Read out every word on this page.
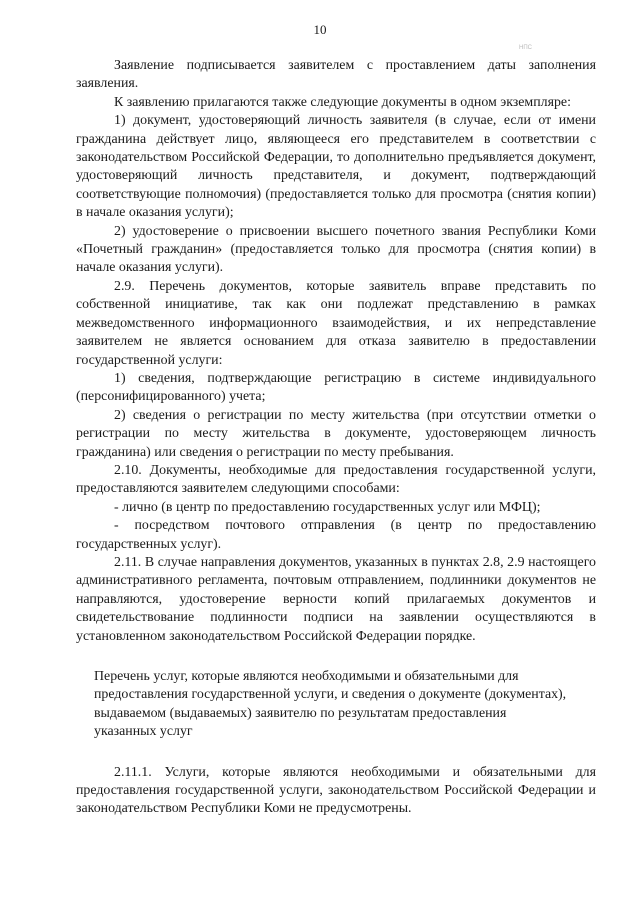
10
НПС

Заявление подписывается заявителем с проставлением даты заполнения заявления.

К заявлению прилагаются также следующие документы в одном экземпляре:

1) документ, удостоверяющий личность заявителя (в случае, если от имени гражданина действует лицо, являющееся его представителем в соответствии с законодательством Российской Федерации, то дополнительно предъявляется документ, удостоверяющий личность представителя, и документ, подтверждающий соответствующие полномочия) (предоставляется только для просмотра (снятия копии) в начале оказания услуги);

2) удостоверение о присвоении высшего почетного звания Республики Коми «Почетный гражданин» (предоставляется только для просмотра (снятия копии) в начале оказания услуги).

2.9. Перечень документов, которые заявитель вправе представить по собственной инициативе, так как они подлежат представлению в рамках межведомственного информационного взаимодействия, и их непредставление заявителем не является основанием для отказа заявителю в предоставлении государственной услуги:

1) сведения, подтверждающие регистрацию в системе индивидуального (персонифицированного) учета;

2) сведения о регистрации по месту жительства (при отсутствии отметки о регистрации по месту жительства в документе, удостоверяющем личность гражданина) или сведения о регистрации по месту пребывания.

2.10. Документы, необходимые для предоставления государственной услуги, предоставляются заявителем следующими способами:

- лично (в центр по предоставлению государственных услуг или МФЦ);

- посредством почтового отправления (в центр по предоставлению государственных услуг).

2.11. В случае направления документов, указанных в пунктах 2.8, 2.9 настоящего административного регламента, почтовым отправлением, подлинники документов не направляются, удостоверение верности копий прилагаемых документов и свидетельствование подлинности подписи на заявлении осуществляются в установленном законодательством Российской Федерации порядке.

Перечень услуг, которые являются необходимыми и обязательными для
предоставления государственной услуги, и сведения о документе (документах),
выдаваемом (выдаваемых) заявителю по результатам предоставления
указанных услуг

2.11.1. Услуги, которые являются необходимыми и обязательными для предоставления государственной услуги, законодательством Российской Федерации и законодательством Республики Коми не предусмотрены.
